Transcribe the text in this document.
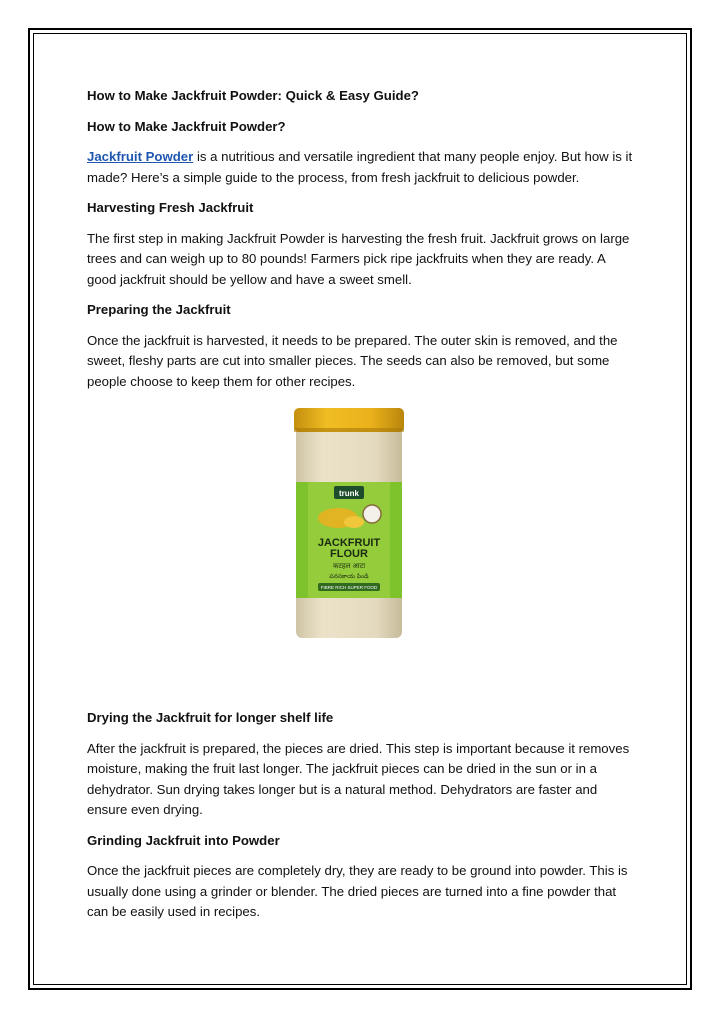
How to Make Jackfruit Powder: Quick & Easy Guide?
How to Make Jackfruit Powder?

Jackfruit Powder is a nutritious and versatile ingredient that many people enjoy. But how is it made? Here’s a simple guide to the process, from fresh jackfruit to delicious powder.

Harvesting Fresh Jackfruit

The first step in making Jackfruit Powder is harvesting the fresh fruit. Jackfruit grows on large trees and can weigh up to 80 pounds! Farmers pick ripe jackfruits when they are ready. A good jackfruit should be yellow and have a sweet smell.

Preparing the Jackfruit

Once the jackfruit is harvested, it needs to be prepared. The outer skin is removed, and the sweet, fleshy parts are cut into smaller pieces. The seeds can also be removed, but some people choose to keep them for other recipes.

trunk
JACKFRUIT
FLOUR
कटहल आटा
పనసకాయ పిండి
FIBRE RICH SUPER FOOD
Drying the Jackfruit for longer shelf life

After the jackfruit is prepared, the pieces are dried. This step is important because it removes moisture, making the fruit last longer. The jackfruit pieces can be dried in the sun or in a dehydrator. Sun drying takes longer but is a natural method. Dehydrators are faster and ensure even drying.

Grinding Jackfruit into Powder

Once the jackfruit pieces are completely dry, they are ready to be ground into powder. This is usually done using a grinder or blender. The dried pieces are turned into a fine powder that can be easily used in recipes.
